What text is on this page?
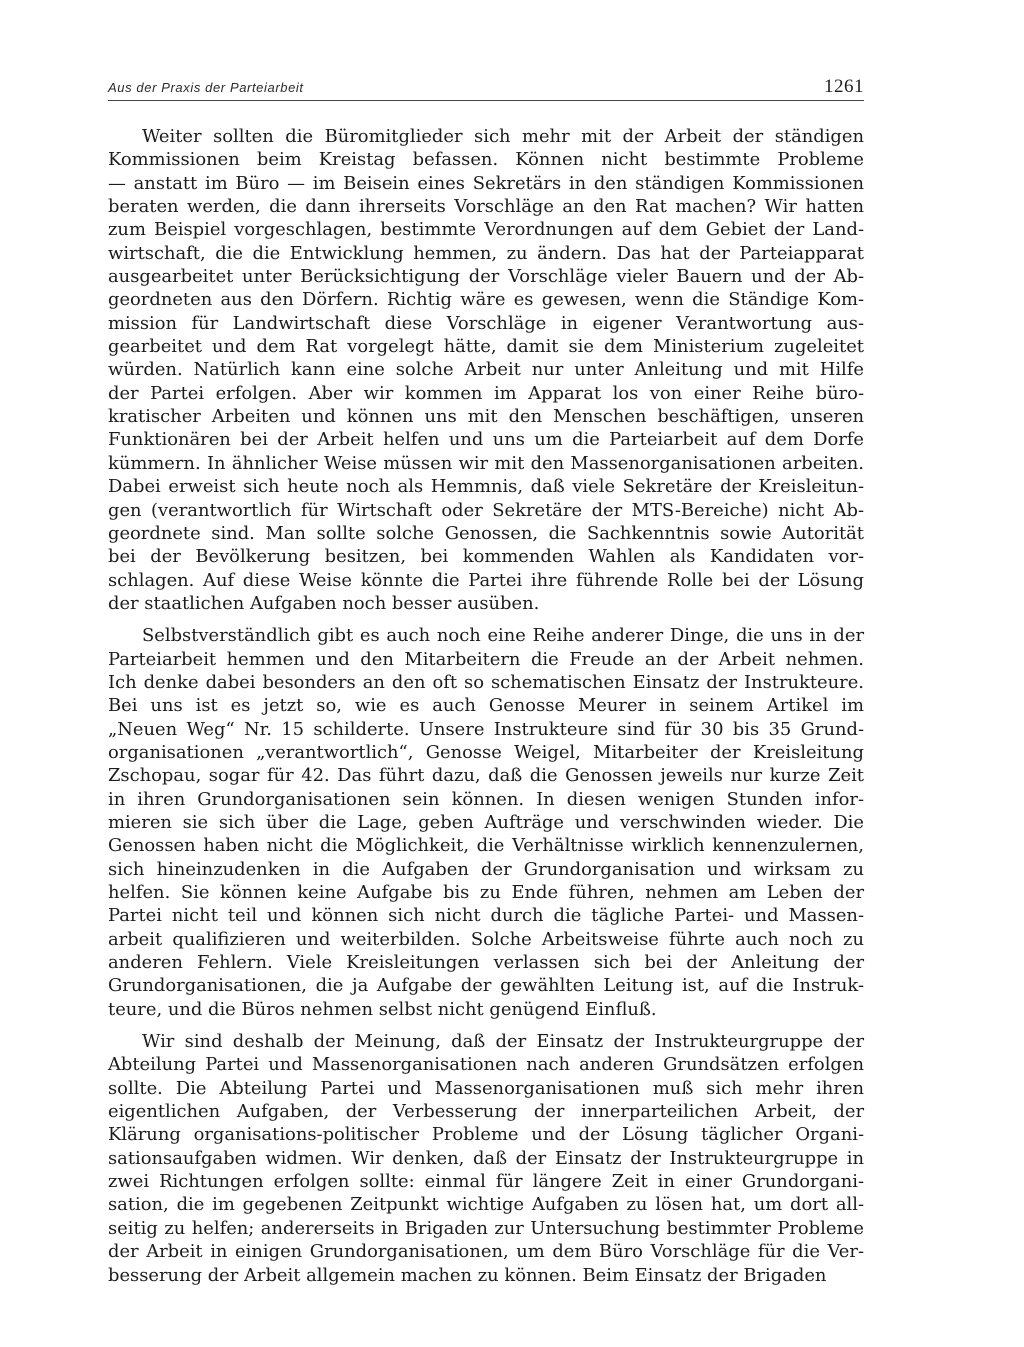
Aus der Praxis der Parteiarbeit	1261
Weiter sollten die Büromitglieder sich mehr mit der Arbeit der ständigen
Kommissionen beim Kreistag befassen. Können nicht bestimmte Probleme
— anstatt im Büro — im Beisein eines Sekretärs in den ständigen Kommissionen
beraten werden, die dann ihrerseits Vorschläge an den Rat machen? Wir hatten
zum Beispiel vorgeschlagen, bestimmte Verordnungen auf dem Gebiet der Land-
wirtschaft, die die Entwicklung hemmen, zu ändern. Das hat der Parteiapparat
ausgearbeitet unter Berücksichtigung der Vorschläge vieler Bauern und der Ab-
geordneten aus den Dörfern. Richtig wäre es gewesen, wenn die Ständige Kom-
mission für Landwirtschaft diese Vorschläge in eigener Verantwortung aus-
gearbeitet und dem Rat vorgelegt hätte, damit sie dem Ministerium zugeleitet
würden. Natürlich kann eine solche Arbeit nur unter Anleitung und mit Hilfe
der Partei erfolgen. Aber wir kommen im Apparat los von einer Reihe büro-
kratischer Arbeiten und können uns mit den Menschen beschäftigen, unseren
Funktionären bei der Arbeit helfen und uns um die Parteiarbeit auf dem Dorfe
kümmern. In ähnlicher Weise müssen wir mit den Massenorganisationen arbeiten.
Dabei erweist sich heute noch als Hemmnis, daß viele Sekretäre der Kreisleitun-
gen (verantwortlich für Wirtschaft oder Sekretäre der MTS-Bereiche) nicht Ab-
geordnete sind. Man sollte solche Genossen, die Sachkenntnis sowie Autorität
bei der Bevölkerung besitzen, bei kommenden Wahlen als Kandidaten vor-
schlagen. Auf diese Weise könnte die Partei ihre führende Rolle bei der Lösung
der staatlichen Aufgaben noch besser ausüben.
Selbstverständlich gibt es auch noch eine Reihe anderer Dinge, die uns in der
Parteiarbeit hemmen und den Mitarbeitern die Freude an der Arbeit nehmen.
Ich denke dabei besonders an den oft so schematischen Einsatz der Instrukteure.
Bei uns ist es jetzt so, wie es auch Genosse Meurer in seinem Artikel im
„Neuen Weg“ Nr. 15 schilderte. Unsere Instrukteure sind für 30 bis 35 Grund-
organisationen „verantwortlich“, Genosse Weigel, Mitarbeiter der Kreisleitung
Zschopau, sogar für 42. Das führt dazu, daß die Genossen jeweils nur kurze Zeit
in ihren Grundorganisationen sein können. In diesen wenigen Stunden infor-
mieren sie sich über die Lage, geben Aufträge und verschwinden wieder. Die
Genossen haben nicht die Möglichkeit, die Verhältnisse wirklich kennenzulernen,
sich hineinzudenken in die Aufgaben der Grundorganisation und wirksam zu
helfen. Sie können keine Aufgabe bis zu Ende führen, nehmen am Leben der
Partei nicht teil und können sich nicht durch die tägliche Partei- und Massen-
arbeit qualifizieren und weiterbilden. Solche Arbeitsweise führte auch noch zu
anderen Fehlern. Viele Kreisleitungen verlassen sich bei der Anleitung der
Grundorganisationen, die ja Aufgabe der gewählten Leitung ist, auf die Instruk-
teure, und die Büros nehmen selbst nicht genügend Einfluß.
Wir sind deshalb der Meinung, daß der Einsatz der Instrukteurgruppe der
Abteilung Partei und Massenorganisationen nach anderen Grundsätzen erfolgen
sollte. Die Abteilung Partei und Massenorganisationen muß sich mehr ihren
eigentlichen Aufgaben, der Verbesserung der innerparteilichen Arbeit, der
Klärung organisations-politischer Probleme und der Lösung täglicher Organi-
sationsaufgaben widmen. Wir denken, daß der Einsatz der Instrukteurgruppe in
zwei Richtungen erfolgen sollte: einmal für längere Zeit in einer Grundorgani-
sation, die im gegebenen Zeitpunkt wichtige Aufgaben zu lösen hat, um dort all-
seitig zu helfen; andererseits in Brigaden zur Untersuchung bestimmter Probleme
der Arbeit in einigen Grundorganisationen, um dem Büro Vorschläge für die Ver-
besserung der Arbeit allgemein machen zu können. Beim Einsatz der Brigaden
